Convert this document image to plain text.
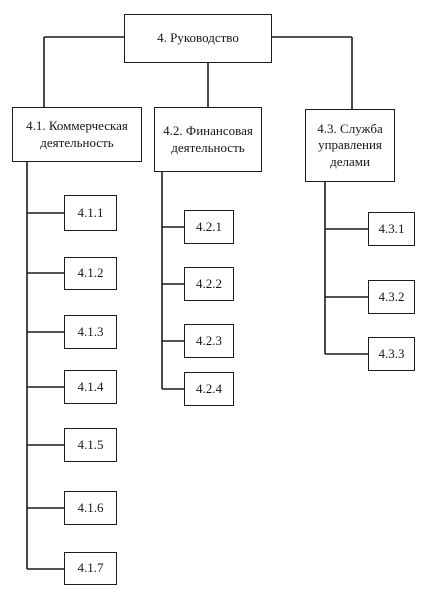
4. Руководство
4.1. Коммерческая
деятельность
4.2. Финансовая
деятельность
4.3. Служба
управления
делами
4.1.1
4.1.2
4.1.3
4.1.4
4.1.5
4.1.6
4.1.7
4.2.1
4.2.2
4.2.3
4.2.4
4.3.1
4.3.2
4.3.3
